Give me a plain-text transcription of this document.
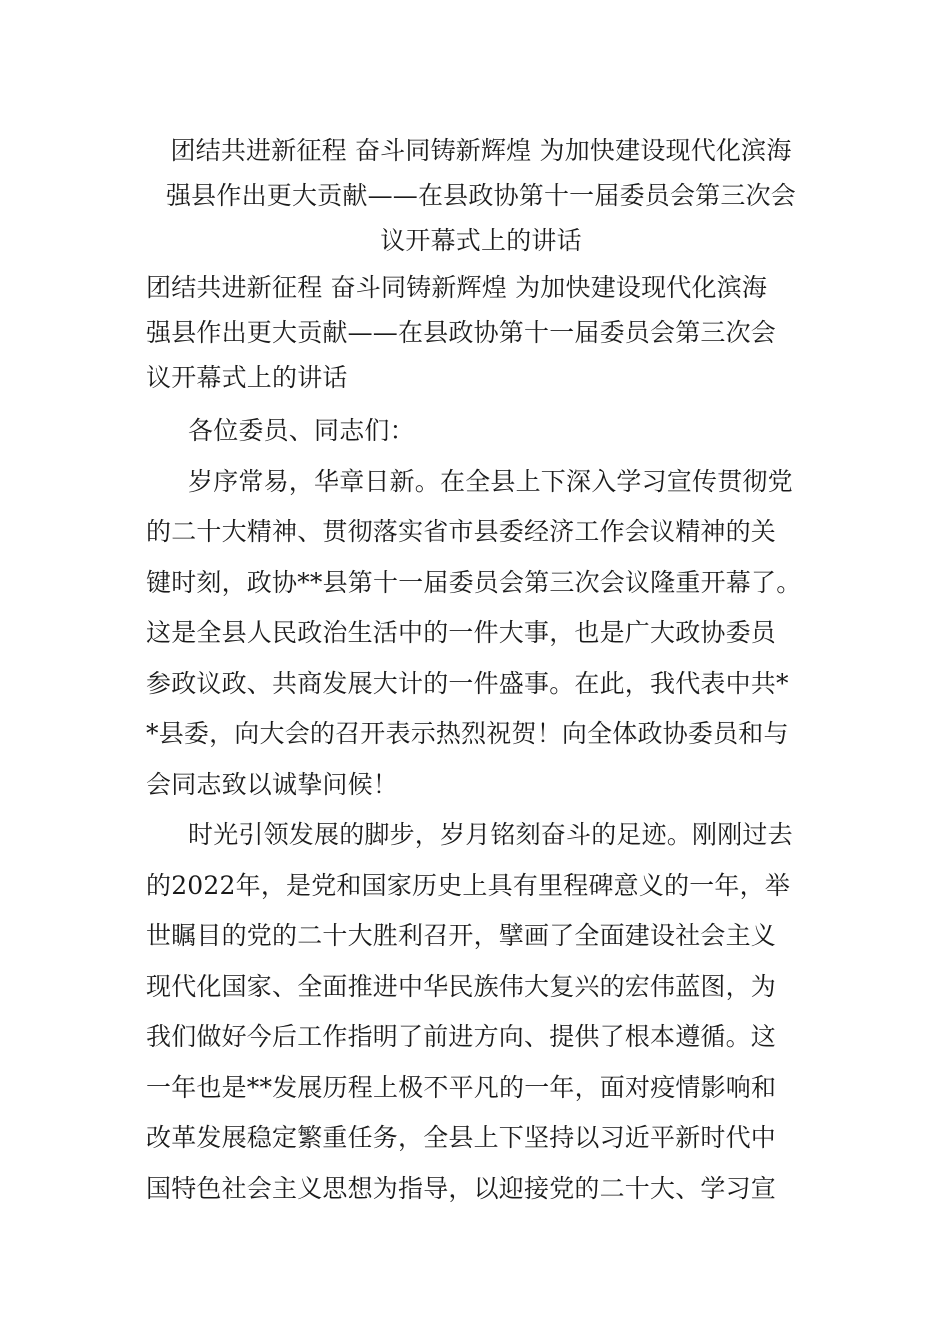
团结共进新征程 奋斗同铸新辉煌 为加快建设现代化滨海
强县作出更大贡献——在县政协第十一届委员会第三次会
议开幕式上的讲话
团结共进新征程 奋斗同铸新辉煌 为加快建设现代化滨海
强县作出更大贡献——在县政协第十一届委员会第三次会
议开幕式上的讲话
各位委员、同志们：
岁序常易，华章日新。在全县上下深入学习宣传贯彻党
的二十大精神、贯彻落实省市县委经济工作会议精神的关
键时刻，政协**县第十一届委员会第三次会议隆重开幕了。
这是全县人民政治生活中的一件大事，也是广大政协委员
参政议政、共商发展大计的一件盛事。在此，我代表中共*
*县委，向大会的召开表示热烈祝贺！向全体政协委员和与
会同志致以诚挚问候！
时光引领发展的脚步，岁月铭刻奋斗的足迹。刚刚过去
的2022年，是党和国家历史上具有里程碑意义的一年，举
世瞩目的党的二十大胜利召开，擘画了全面建设社会主义
现代化国家、全面推进中华民族伟大复兴的宏伟蓝图，为
我们做好今后工作指明了前进方向、提供了根本遵循。这
一年也是**发展历程上极不平凡的一年，面对疫情影响和
改革发展稳定繁重任务，全县上下坚持以习近平新时代中
国特色社会主义思想为指导，以迎接党的二十大、学习宣
